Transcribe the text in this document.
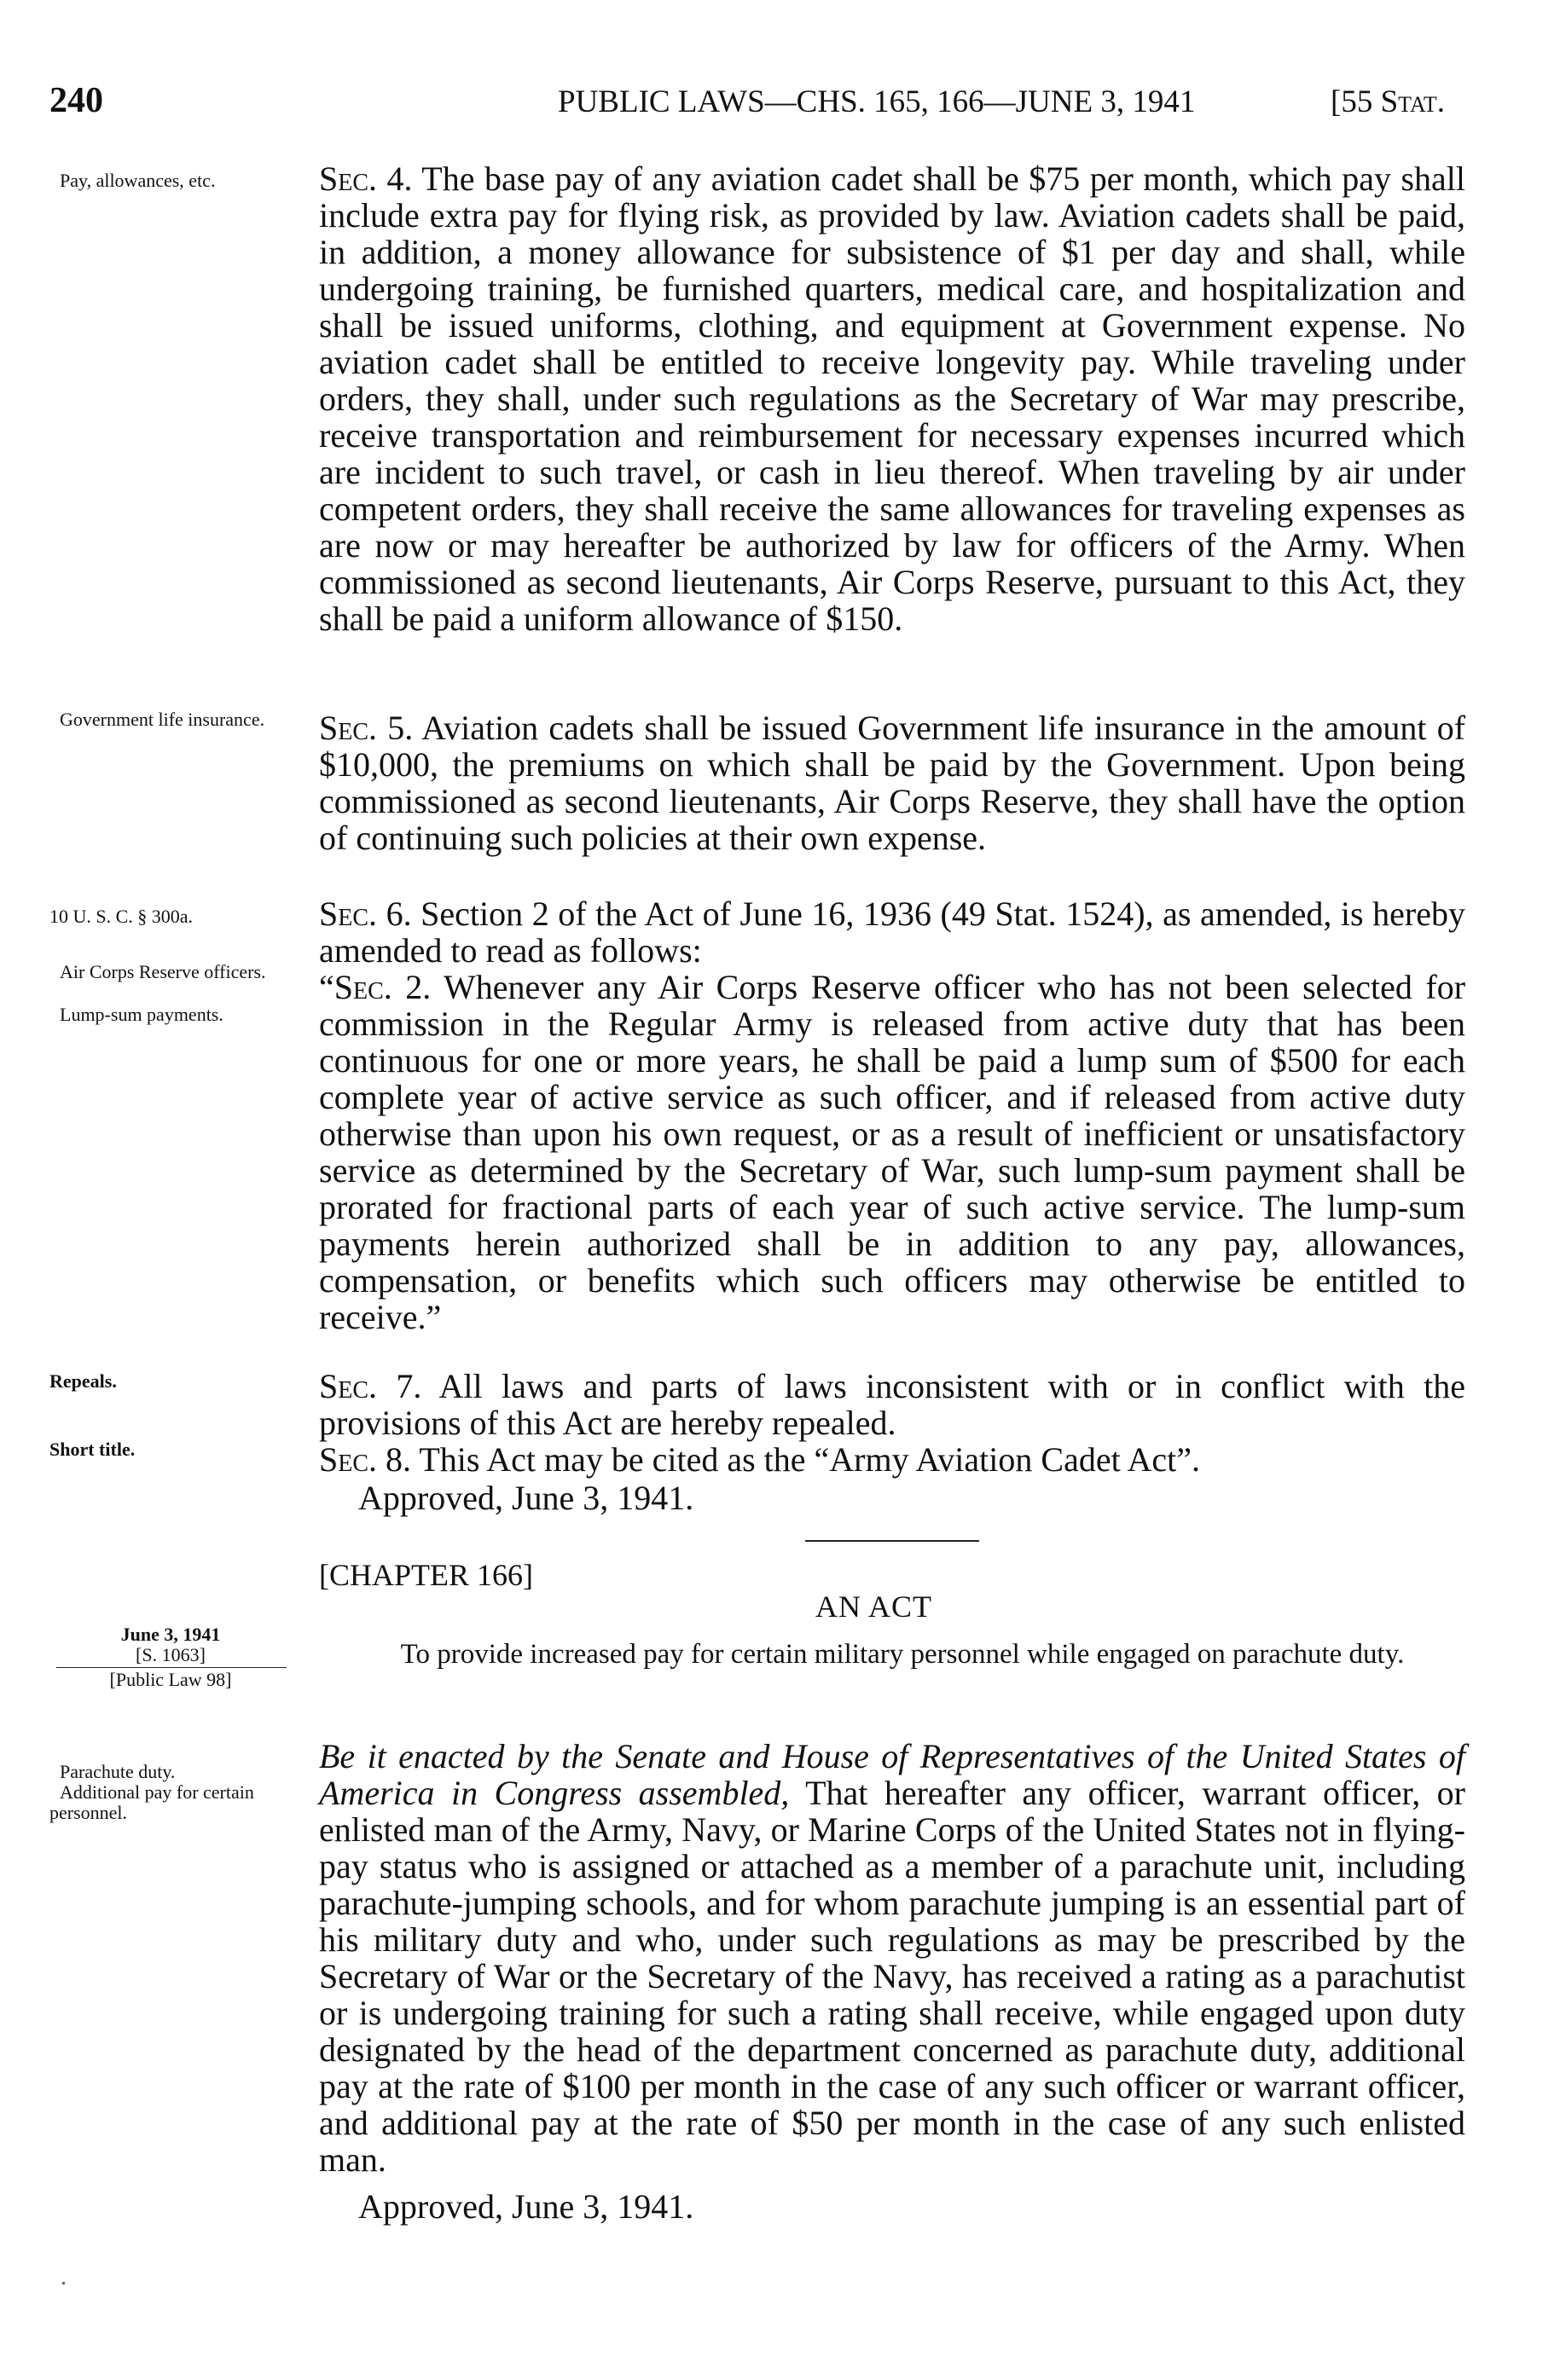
240	PUBLIC LAWS—CHS. 165, 166—JUNE 3, 1941	[55 Stat.
Pay, allowances, etc.
Government life insurance.
10 U. S. C. § 300a.
Air Corps Reserve officers.
Lump-sum payments.
Repeals.
Short title.
June 3, 1941
[S. 1063]
[Public Law 98]
Parachute duty.
Additional pay for certain personnel.
Sec. 4. The base pay of any aviation cadet shall be $75 per month, which pay shall include extra pay for flying risk, as provided by law. Aviation cadets shall be paid, in addition, a money allowance for subsistence of $1 per day and shall, while undergoing training, be furnished quarters, medical care, and hospitalization and shall be issued uniforms, clothing, and equipment at Government expense. No aviation cadet shall be entitled to receive longevity pay. While traveling under orders, they shall, under such regulations as the Secretary of War may prescribe, receive transportation and reimbursement for necessary expenses incurred which are incident to such travel, or cash in lieu thereof. When traveling by air under competent orders, they shall receive the same allowances for traveling expenses as are now or may hereafter be authorized by law for officers of the Army. When commissioned as second lieutenants, Air Corps Reserve, pursuant to this Act, they shall be paid a uniform allowance of $150.
Sec. 5. Aviation cadets shall be issued Government life insurance in the amount of $10,000, the premiums on which shall be paid by the Government. Upon being commissioned as second lieutenants, Air Corps Reserve, they shall have the option of continuing such policies at their own expense.
Sec. 6. Section 2 of the Act of June 16, 1936 (49 Stat. 1524), as amended, is hereby amended to read as follows:
“Sec. 2. Whenever any Air Corps Reserve officer who has not been selected for commission in the Regular Army is released from active duty that has been continuous for one or more years, he shall be paid a lump sum of $500 for each complete year of active service as such officer, and if released from active duty otherwise than upon his own request, or as a result of inefficient or unsatisfactory service as determined by the Secretary of War, such lump-sum payment shall be prorated for fractional parts of each year of such active service. The lump-sum payments herein authorized shall be in addition to any pay, allowances, compensation, or benefits which such officers may otherwise be entitled to receive.”
Sec. 7. All laws and parts of laws inconsistent with or in conflict with the provisions of this Act are hereby repealed.
Sec. 8. This Act may be cited as the “Army Aviation Cadet Act”.
Approved, June 3, 1941.
[CHAPTER 166]
AN ACT
To provide increased pay for certain military personnel while engaged on parachute duty.
Be it enacted by the Senate and House of Representatives of the United States of America in Congress assembled, That hereafter any officer, warrant officer, or enlisted man of the Army, Navy, or Marine Corps of the United States not in flying-pay status who is assigned or attached as a member of a parachute unit, including parachute-jumping schools, and for whom parachute jumping is an essential part of his military duty and who, under such regulations as may be prescribed by the Secretary of War or the Secretary of the Navy, has received a rating as a parachutist or is undergoing training for such a rating shall receive, while engaged upon duty designated by the head of the department concerned as parachute duty, additional pay at the rate of $100 per month in the case of any such officer or warrant officer, and additional pay at the rate of $50 per month in the case of any such enlisted man.
Approved, June 3, 1941.
